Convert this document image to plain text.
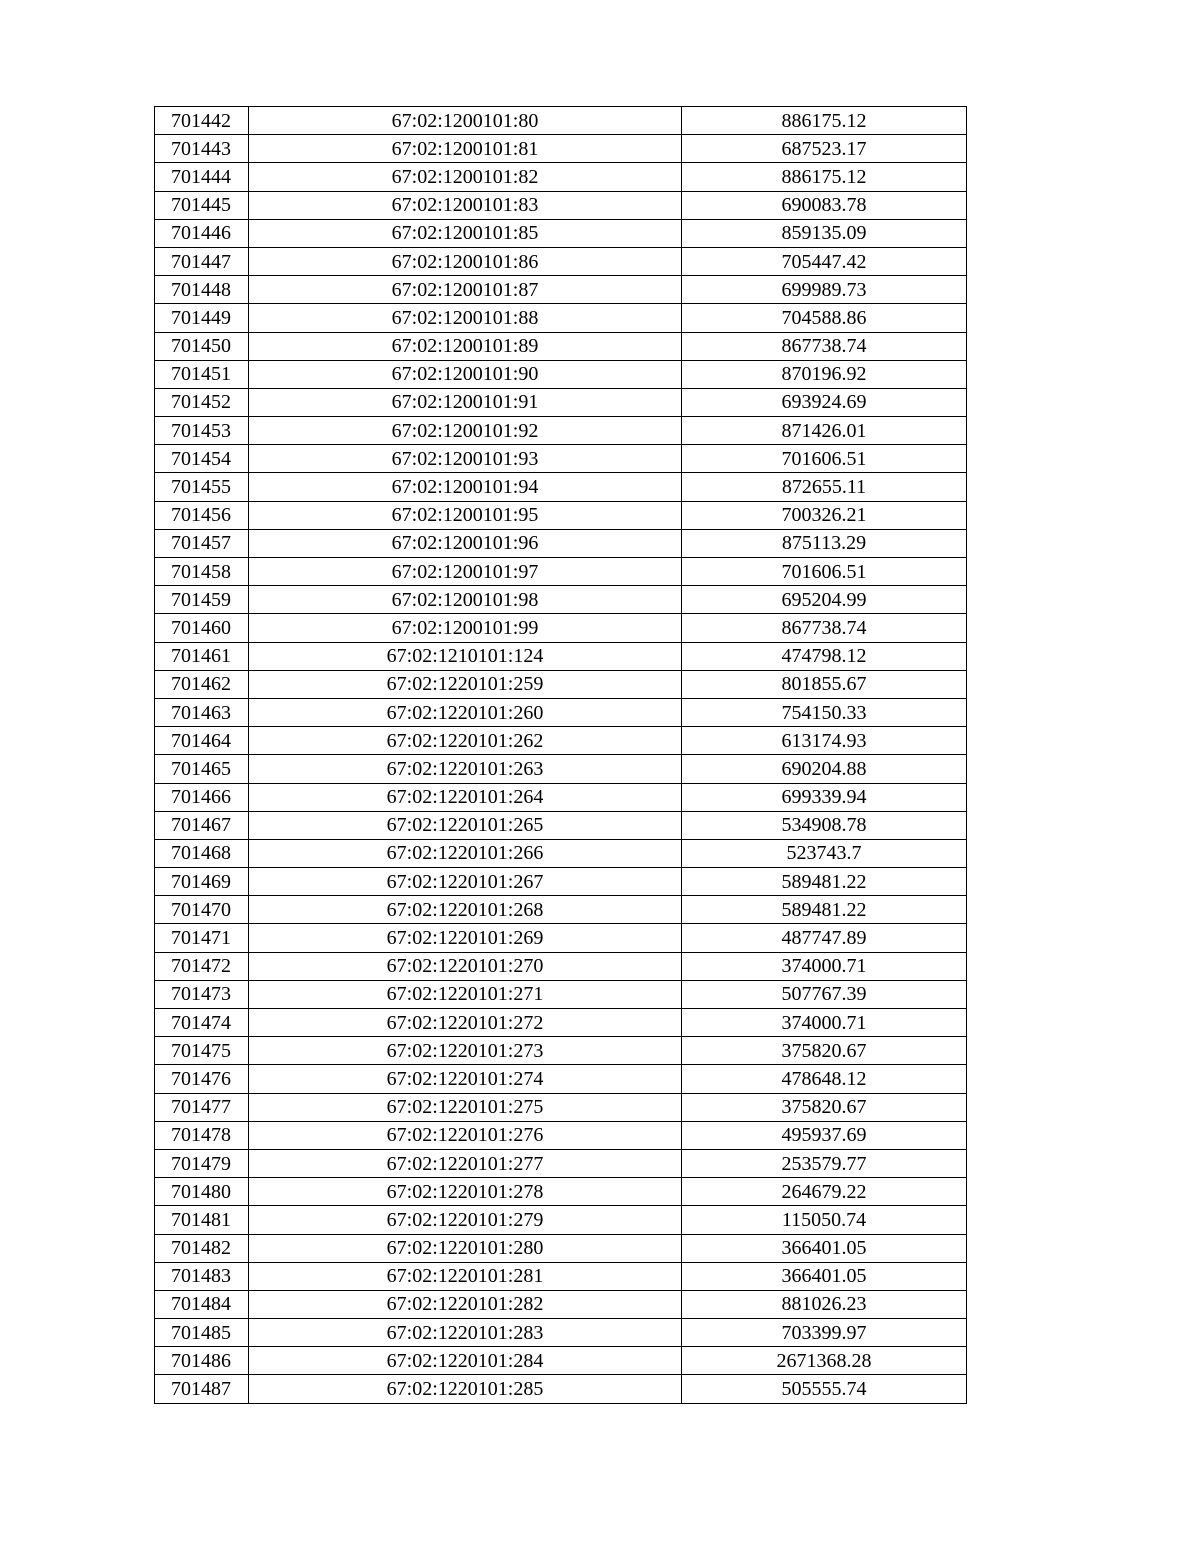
701442	67:02:1200101:80	886175.12
701443	67:02:1200101:81	687523.17
701444	67:02:1200101:82	886175.12
701445	67:02:1200101:83	690083.78
701446	67:02:1200101:85	859135.09
701447	67:02:1200101:86	705447.42
701448	67:02:1200101:87	699989.73
701449	67:02:1200101:88	704588.86
701450	67:02:1200101:89	867738.74
701451	67:02:1200101:90	870196.92
701452	67:02:1200101:91	693924.69
701453	67:02:1200101:92	871426.01
701454	67:02:1200101:93	701606.51
701455	67:02:1200101:94	872655.11
701456	67:02:1200101:95	700326.21
701457	67:02:1200101:96	875113.29
701458	67:02:1200101:97	701606.51
701459	67:02:1200101:98	695204.99
701460	67:02:1200101:99	867738.74
701461	67:02:1210101:124	474798.12
701462	67:02:1220101:259	801855.67
701463	67:02:1220101:260	754150.33
701464	67:02:1220101:262	613174.93
701465	67:02:1220101:263	690204.88
701466	67:02:1220101:264	699339.94
701467	67:02:1220101:265	534908.78
701468	67:02:1220101:266	523743.7
701469	67:02:1220101:267	589481.22
701470	67:02:1220101:268	589481.22
701471	67:02:1220101:269	487747.89
701472	67:02:1220101:270	374000.71
701473	67:02:1220101:271	507767.39
701474	67:02:1220101:272	374000.71
701475	67:02:1220101:273	375820.67
701476	67:02:1220101:274	478648.12
701477	67:02:1220101:275	375820.67
701478	67:02:1220101:276	495937.69
701479	67:02:1220101:277	253579.77
701480	67:02:1220101:278	264679.22
701481	67:02:1220101:279	115050.74
701482	67:02:1220101:280	366401.05
701483	67:02:1220101:281	366401.05
701484	67:02:1220101:282	881026.23
701485	67:02:1220101:283	703399.97
701486	67:02:1220101:284	2671368.28
701487	67:02:1220101:285	505555.74
